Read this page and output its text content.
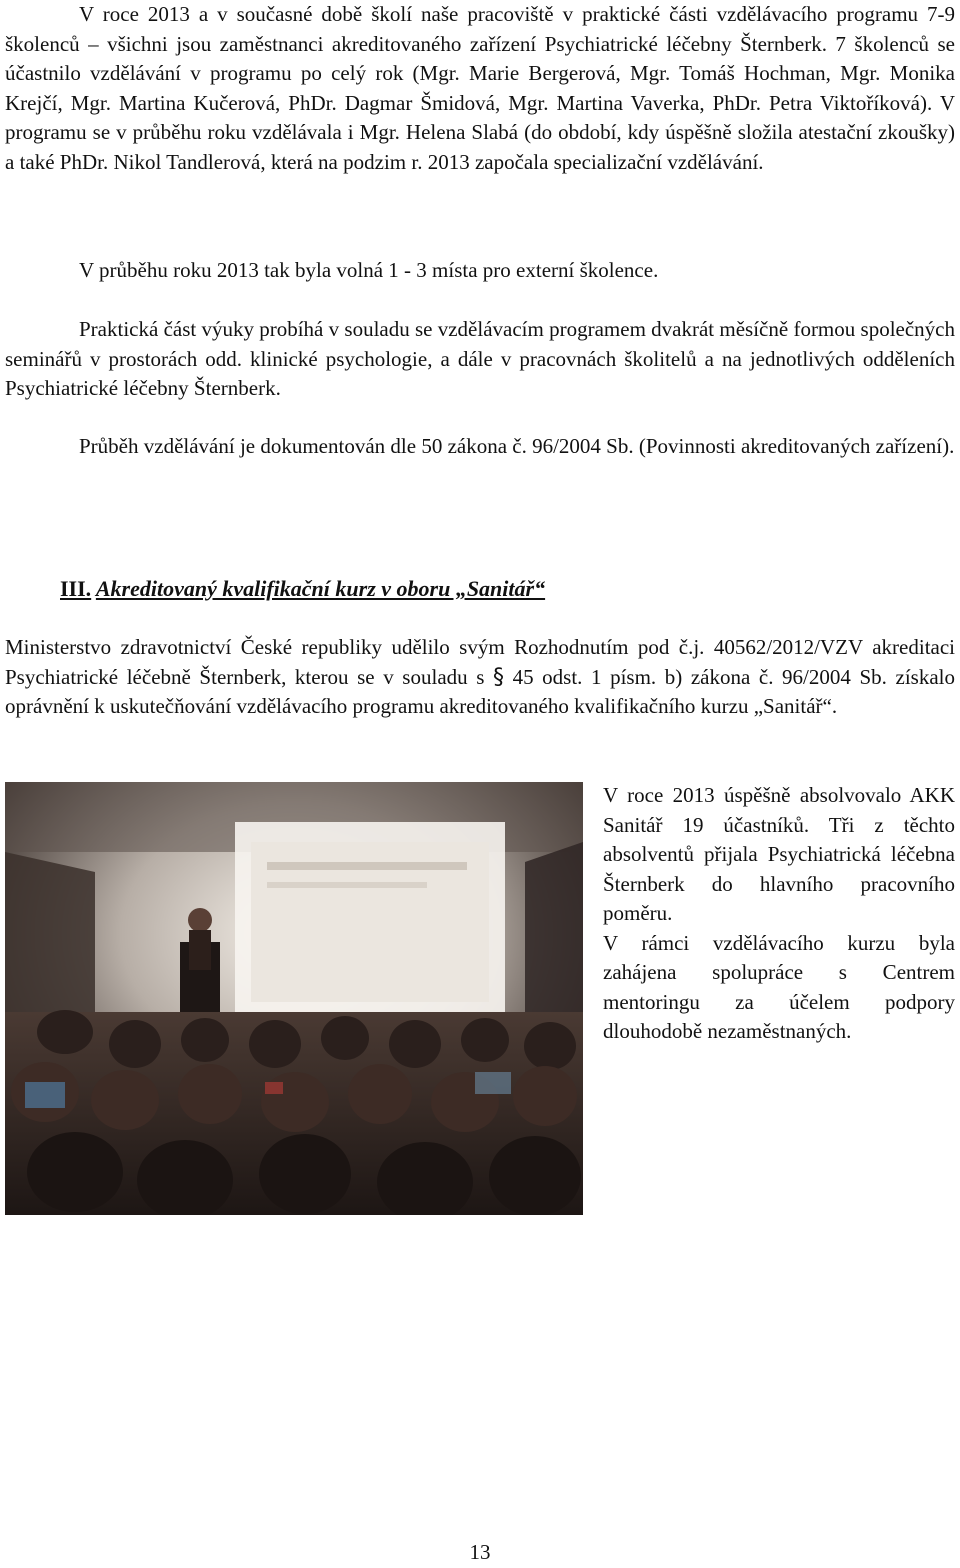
V roce 2013 a v současné době školí naše pracoviště v praktické části vzdělávacího programu 7-9 školenců – všichni jsou zaměstnanci akreditovaného zařízení Psychiatrické léčebny Šternberk. 7 školenců se účastnilo vzdělávání v programu po celý rok (Mgr. Marie Bergerová, Mgr. Tomáš Hochman, Mgr. Monika Krejčí, Mgr. Martina Kučerová, PhDr. Dagmar Šmidová, Mgr. Martina Vaverka, PhDr. Petra Viktoříková). V programu se v průběhu roku vzdělávala i Mgr. Helena Slabá (do období, kdy úspěšně složila atestační zkoušky) a také PhDr. Nikol Tandlerová, která na podzim r. 2013 započala specializační vzdělávání.

V průběhu roku 2013 tak byla volná 1 - 3 místa pro externí školence.

Praktická část výuky probíhá v souladu se vzdělávacím programem dvakrát měsíčně formou společných seminářů v prostorách odd. klinické psychologie, a dále v pracovnách školitelů a na jednotlivých odděleních Psychiatrické léčebny Šternberk.

Průběh vzdělávání je dokumentován dle 50 zákona č. 96/2004 Sb. (Povinnosti akreditovaných zařízení).

III. Akreditovaný kvalifikační kurz v oboru „Sanitář“

Ministerstvo zdravotnictví České republiky udělilo svým Rozhodnutím pod č.j. 40562/2012/VZV akreditaci Psychiatrické léčebně Šternberk, kterou se v souladu s § 45 odst. 1 písm. b) zákona č. 96/2004 Sb. získalo oprávnění k uskutečňování vzdělávacího programu akreditovaného kvalifikačního kurzu „Sanitář“.

V roce 2013 úspěšně absolvovalo AKK Sanitář 19 účastníků. Tři z těchto absolventů přijala Psychiatrická léčebna Šternberk do hlavního pracovního poměru.

V rámci vzdělávacího kurzu byla zahájena spolupráce s Centrem mentoringu za účelem podpory dlouhodobě nezaměstnaných.

13
